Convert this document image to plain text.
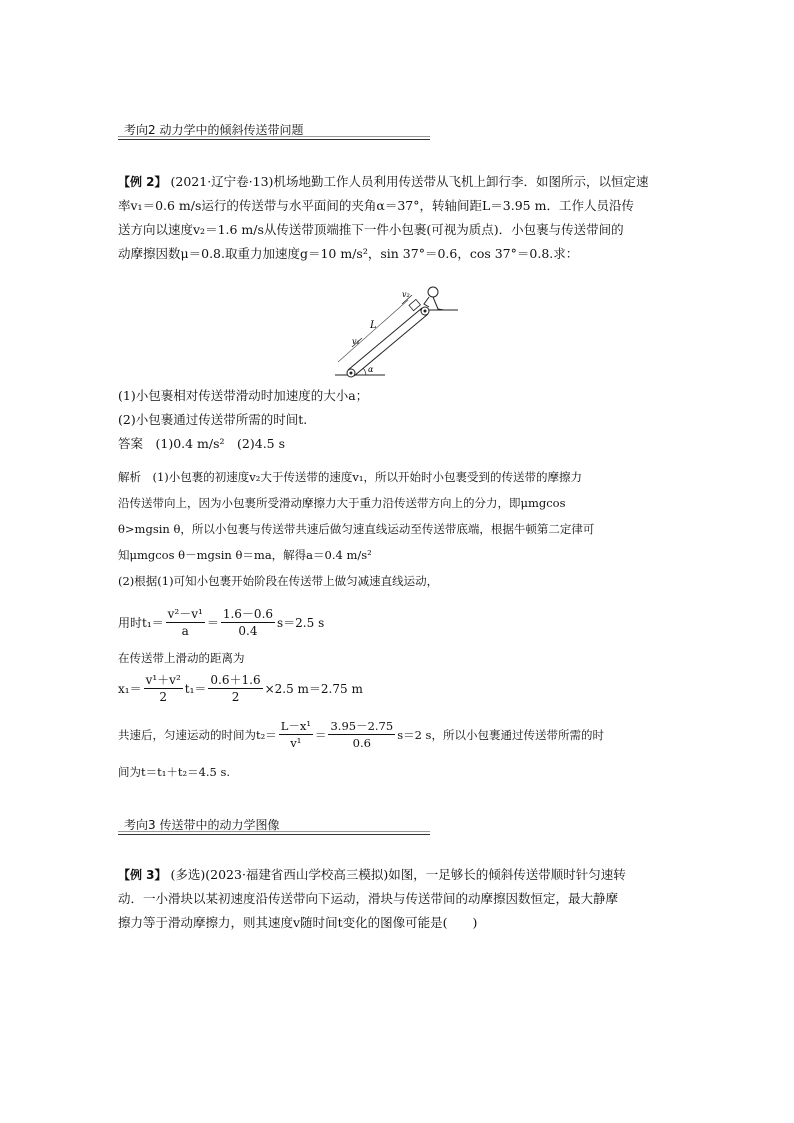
考向2 动力学中的倾斜传送带问题
【例 2】 (2021·辽宁卷·13)机场地勤工作人员利用传送带从飞机上卸行李．如图所示，以恒定速
率v₁＝0.6 m/s运行的传送带与水平面间的夹角α＝37°，转轴间距L＝3.95 m．工作人员沿传
送方向以速度v₂＝1.6 m/s从传送带顶端推下一件小包裹(可视为质点)．小包裹与传送带间的
动摩擦因数μ＝0.8.取重力加速度g＝10 m/s²，sin 37°＝0.6，cos 37°＝0.8.求：
L
v₁
v₂
α
(1)小包裹相对传送带滑动时加速度的大小a；
(2)小包裹通过传送带所需的时间t.
答案　(1)0.4 m/s²　(2)4.5 s
解析　(1)小包裹的初速度v₂大于传送带的速度v₁，所以开始时小包裹受到的传送带的摩擦力
沿传送带向上，因为小包裹所受滑动摩擦力大于重力沿传送带方向上的分力，即μmgcos
θ>mgsin θ，所以小包裹与传送带共速后做匀速直线运动至传送带底端，根据牛顿第二定律可
知μmgcos θ－mgsin θ＝ma，解得a＝0.4 m/s²
(2)根据(1)可知小包裹开始阶段在传送带上做匀减速直线运动，
用时$t_1= \frac{\text{v²－v¹}}{a} = \frac{1.6-0.6}{0.4} s=2.5$ s
在传送带上滑动的距离为
$x_1= \frac{\text{v¹＋v²}}{2} t_1= \frac{0.6+1.6}{2} \times 2.5$ m＝2.75 m
共速后，匀速运动的时间为$t_2= \frac{\text{L－x¹}}{\text{v¹}} = \frac{3.95-2.75}{0.6} s=2$ s，所以小包裹通过传送带所需的时
间为t＝t₁＋t₂＝4.5 s.
考向3 传送带中的动力学图像
【例 3】 (多选)(2023·福建省西山学校高三模拟)如图，一足够长的倾斜传送带顺时针匀速转
动．一小滑块以某初速度沿传送带向下运动，滑块与传送带间的动摩擦因数恒定，最大静摩
擦力等于滑动摩擦力，则其速度v随时间t变化的图像可能是(　　)
